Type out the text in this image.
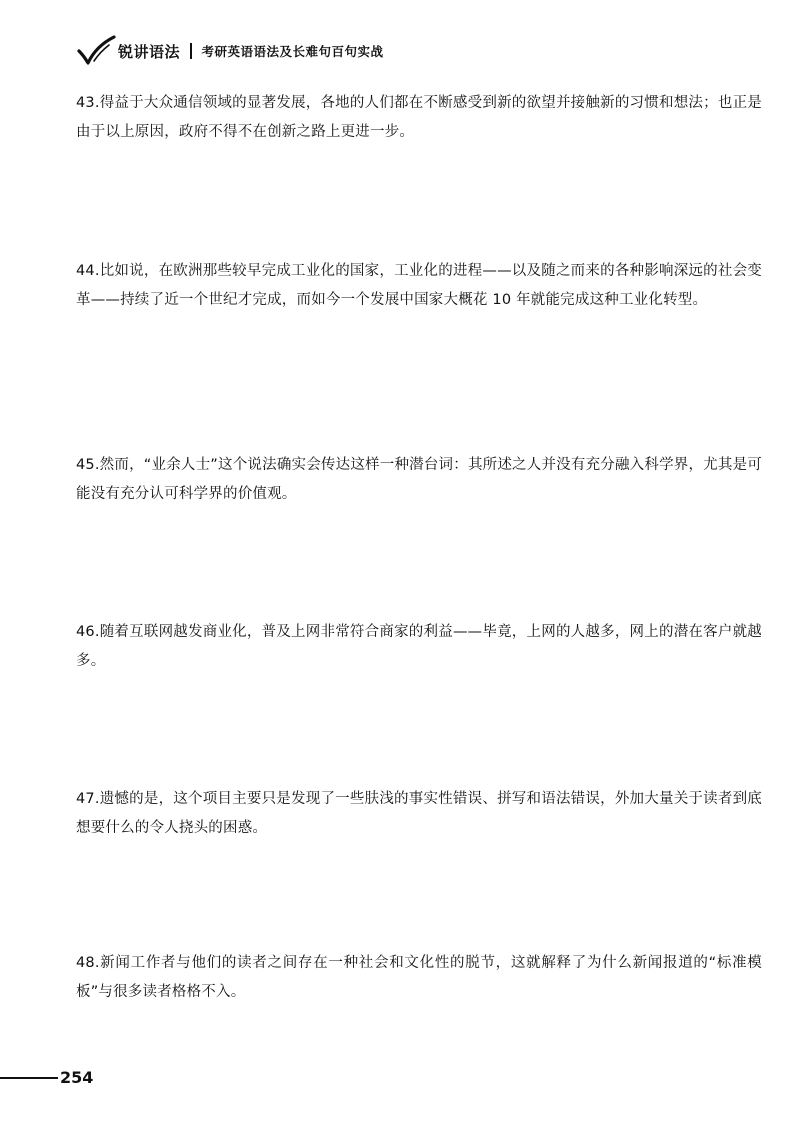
锐讲语法 考研英语语法及长难句百句实战
43.得益于大众通信领域的显著发展，各地的人们都在不断感受到新的欲望并接触新的习惯和想法；也正是由于以上原因，政府不得不在创新之路上更进一步。
44.比如说，在欧洲那些较早完成工业化的国家，工业化的进程——以及随之而来的各种影响深远的社会变革——持续了近一个世纪才完成，而如今一个发展中国家大概花 10 年就能完成这种工业化转型。
45.然而，“业余人士”这个说法确实会传达这样一种潜台词：其所述之人并没有充分融入科学界，尤其是可能没有充分认可科学界的价值观。
46.随着互联网越发商业化，普及上网非常符合商家的利益——毕竟，上网的人越多，网上的潜在客户就越多。
47.遗憾的是，这个项目主要只是发现了一些肤浅的事实性错误、拼写和语法错误，外加大量关于读者到底想要什么的令人挠头的困惑。
48.新闻工作者与他们的读者之间存在一种社会和文化性的脱节，这就解释了为什么新闻报道的“标准模板”与很多读者格格不入。
254
